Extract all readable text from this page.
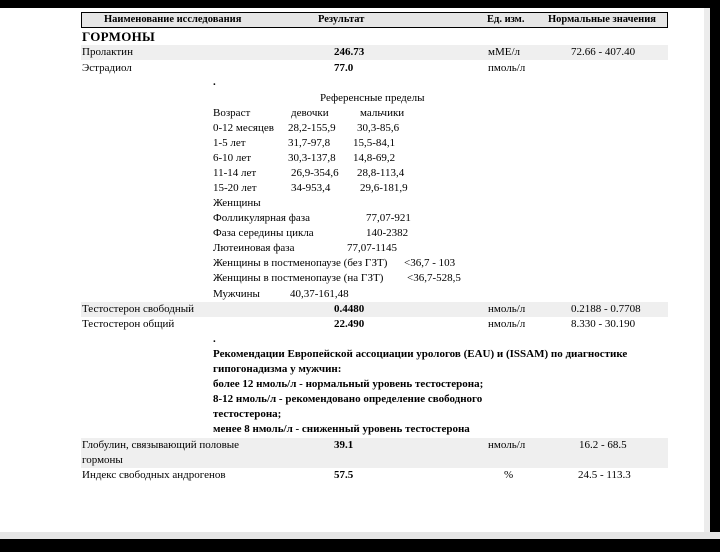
Наименование исследования	Результат	Ед. изм. Нормальные значения
ГОРМОНЫ
Пролактин	246.73	мМЕ/л	72.66 - 407.40
Эстрадиол	77.0	пмоль/л
.
Референсные пределы
Возраст	девочки	мальчики
0-12 месяцев 28,2-155,9 30,3-85,6
1-5 лет	31,7-97,8 15,5-84,1
6-10 лет	30,3-137,8 14,8-69,2
11-14 лет	26,9-354,6 28,8-113,4
15-20 лет	34-953,4	29,6-181,9
Женщины
Фолликулярная фаза	77,07-921
Фаза середины цикла	140-2382
Лютеиновая фаза	77,07-1145
Женщины в постменопаузе (без ГЗТ) <36,7 - 103
Женщины в постменопаузе (на ГЗТ) <36,7-528,5
Мужчины	40,37-161,48
Тестостерон свободный	0.4480	нмоль/л	0.2188 - 0.7708
Тестостерон общий	22.490	нмоль/л	8.330 - 30.190
.
Рекомендации Европейской ассоциации урологов (EAU) и (ISSAM) по диагностике
гипогонадизма у мужчин:
более 12 нмоль/л - нормальный уровень тестостерона;
8-12 нмоль/л - рекомендовано определение свободного
тестостерона;
менее 8 нмоль/л - сниженный уровень тестостерона
Глобулин, связывающий половые
гормоны
39.1	нмоль/л	16.2 - 68.5
Индекс свободных андрогенов	57.5	%	24.5 - 113.3
